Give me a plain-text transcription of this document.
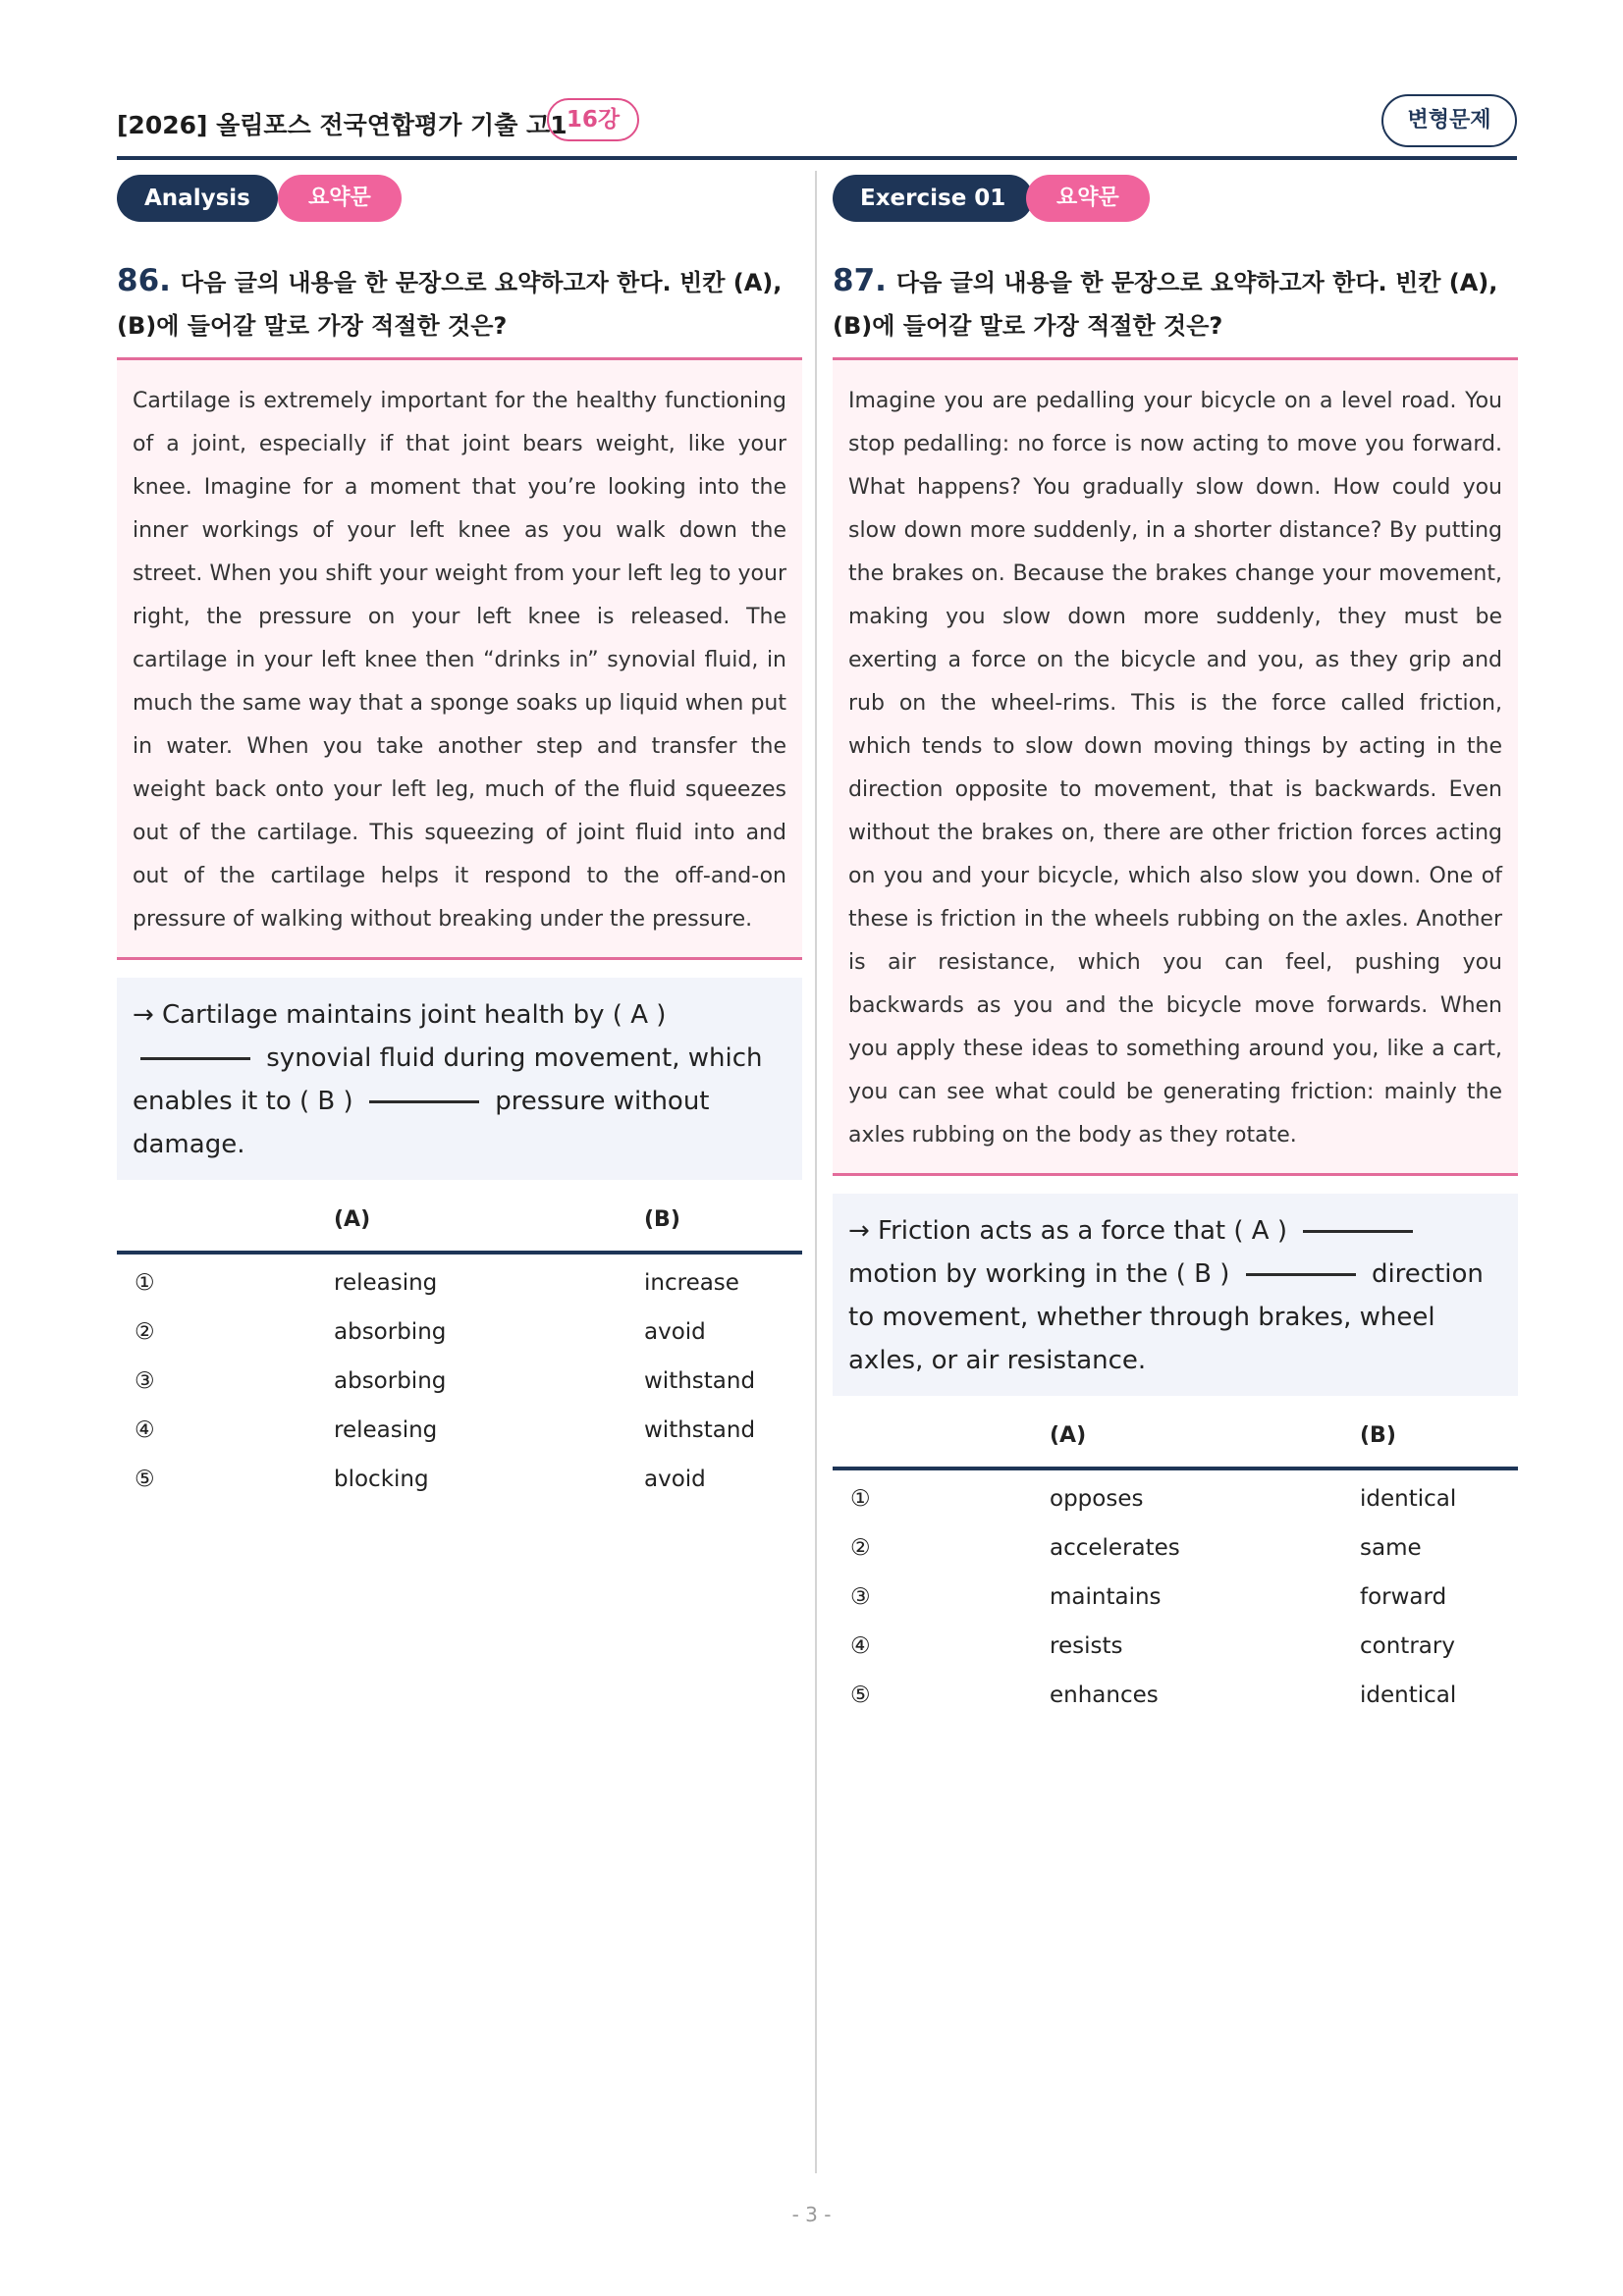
[2026] 올림포스 전국연합평가 기출 고1 16강	변형문제
Analysis	요약문
86. 다음 글의 내용을 한 문장으로 요약하고자 한다. 빈칸 (A), (B)에 들어갈 말로 가장 적절한 것은?
Cartilage is extremely important for the healthy functioning of a joint, especially if that joint bears weight, like your knee. Imagine for a moment that you’re looking into the inner workings of your left knee as you walk down the street. When you shift your weight from your left leg to your right, the pressure on your left knee is released. The cartilage in your left knee then “drinks in” synovial fluid, in much the same way that a sponge soaks up liquid when put in water. When you take another step and transfer the weight back onto your left leg, much of the fluid squeezes out of the cartilage. This squeezing of joint fluid into and out of the cartilage helps it respond to the off-and-on pressure of walking without breaking under the pressure.
→ Cartilage maintains joint health by ( A )
synovial fluid during movement, which enables it to ( B )	pressure without damage.
(A)	(B)
①	releasing	increase
②	absorbing	avoid
③	absorbing	withstand
④	releasing	withstand
⑤	blocking	avoid
Exercise 01	요약문
87. 다음 글의 내용을 한 문장으로 요약하고자 한다. 빈칸 (A), (B)에 들어갈 말로 가장 적절한 것은?
Imagine you are pedalling your bicycle on a level road. You stop pedalling: no force is now acting to move you forward. What happens? You gradually slow down. How could you slow down more suddenly, in a shorter distance? By putting the brakes on. Because the brakes change your movement, making you slow down more suddenly, they must be exerting a force on the bicycle and you, as they grip and rub on the wheel-rims. This is the force called friction, which tends to slow down moving things by acting in the direction opposite to movement, that is backwards. Even without the brakes on, there are other friction forces acting on you and your bicycle, which also slow you down. One of these is friction in the wheels rubbing on the axles. Another is air resistance, which you can feel, pushing you backwards as you and the bicycle move forwards. When you apply these ideas to something around you, like a cart, you can see what could be generating friction: mainly the axles rubbing on the body as they rotate.
→ Friction acts as a force that ( A )
motion by working in the ( B )	direction to movement, whether through brakes, wheel axles, or air resistance.
(A)	(B)
①	opposes	identical
②	accelerates	same
③	maintains	forward
④	resists	contrary
⑤	enhances	identical
- 3 -
